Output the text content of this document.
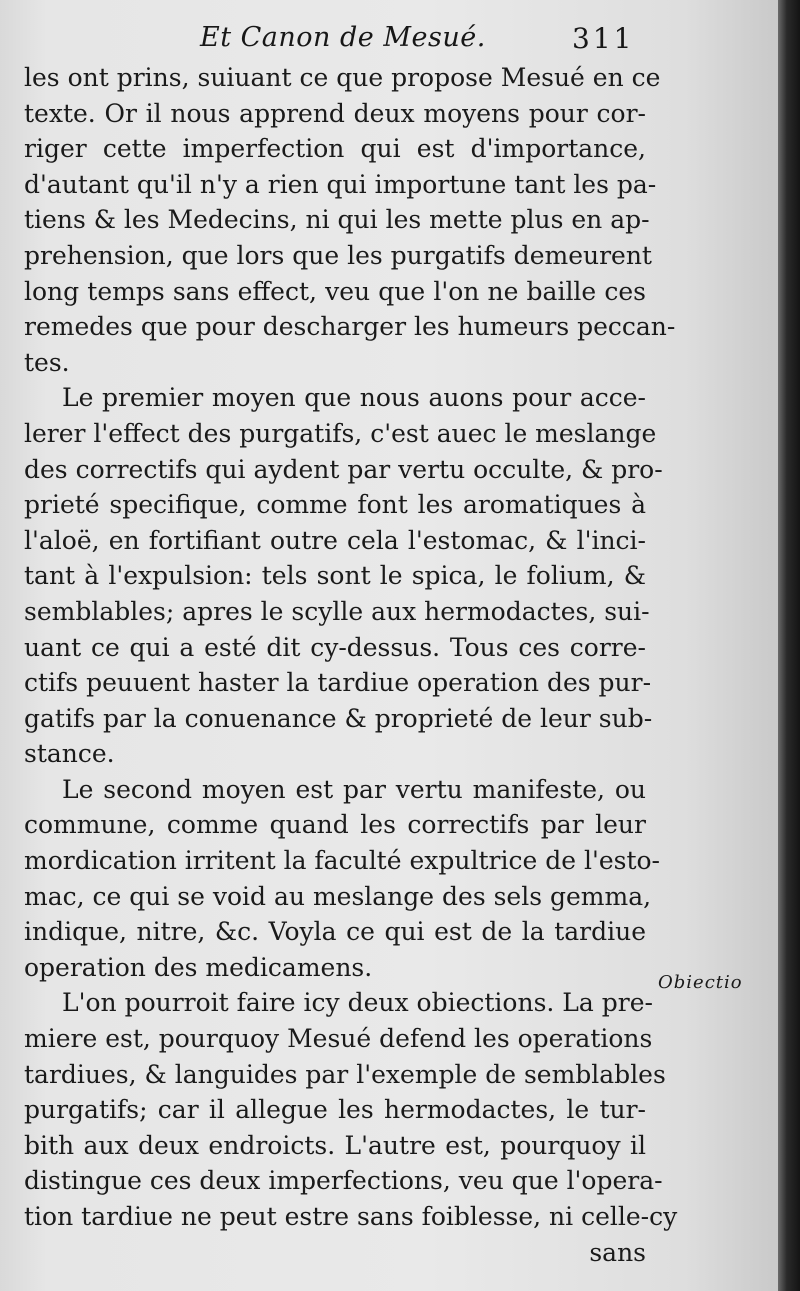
Et Canon de Mesué.	311
les ont prins, suiuant ce que propose Mesué en ce
texte. Or il nous apprend deux moyens pour cor-
riger cette imperfection qui est d'importance,
d'autant qu'il n'y a rien qui importune tant les pa-
tiens & les Medecins, ni qui les mette plus en ap-
prehension, que lors que les purgatifs demeurent
long temps sans effect, veu que l'on ne baille ces
remedes que pour descharger les humeurs peccan-
tes.
Le premier moyen que nous auons pour acce-
lerer l'effect des purgatifs, c'est auec le meslange
des correctifs qui aydent par vertu occulte, & pro-
prieté specifique, comme font les aromatiques à
l'aloë, en fortifiant outre cela l'estomac, & l'inci-
tant à l'expulsion: tels sont le spica, le folium, &
semblables; apres le scylle aux hermodactes, sui-
uant ce qui a esté dit cy-dessus. Tous ces corre-
ctifs peuuent haster la tardiue operation des pur-
gatifs par la conuenance & proprieté de leur sub-
stance.
Le second moyen est par vertu manifeste, ou
commune, comme quand les correctifs par leur
mordication irritent la faculté expultrice de l'esto-
mac, ce qui se void au meslange des sels gemma,
indique, nitre, &c. Voyla ce qui est de la tardiue
operation des medicamens.
L'on pourroit faire icy deux obiections. La pre-
miere est, pourquoy Mesué defend les operations
tardiues, & languides par l'exemple de semblables
purgatifs; car il allegue les hermodactes, le tur-
bith aux deux endroicts. L'autre est, pourquoy il
distingue ces deux imperfections, veu que l'opera-
tion tardiue ne peut estre sans foiblesse, ni celle-cy
sans
Obiectio
